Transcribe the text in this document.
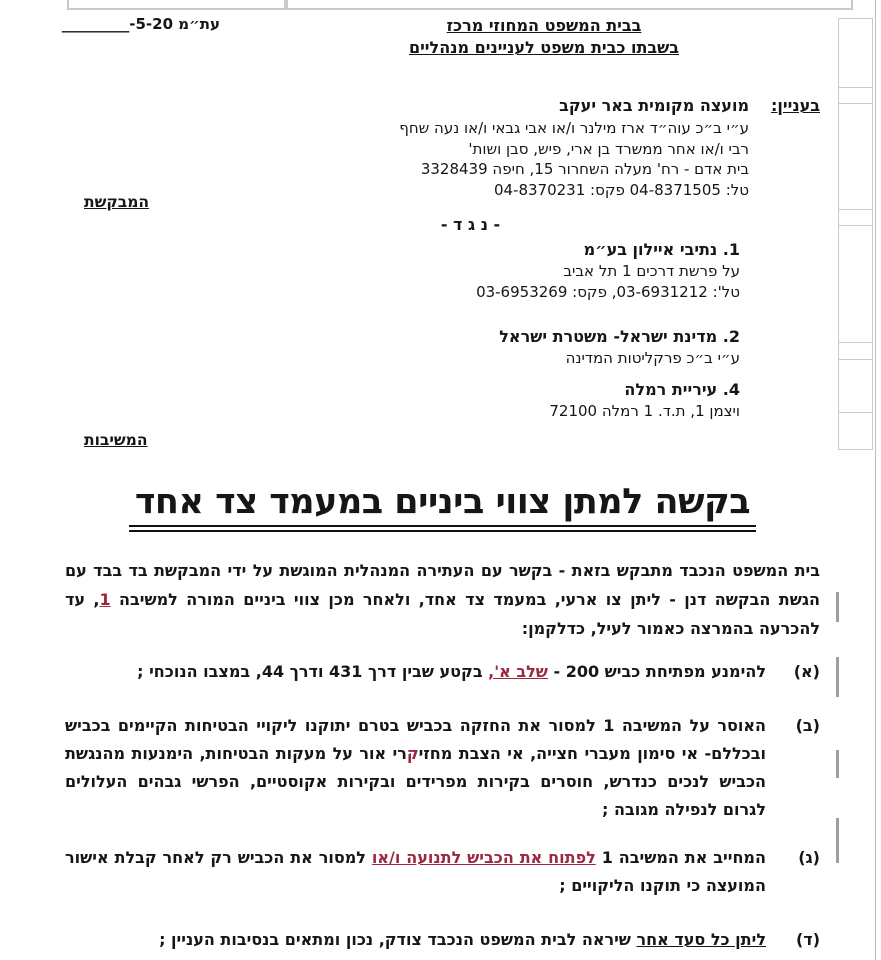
עת״מ -5-20_________	בבית המשפט המחוזי מרכז
בשבתו כבית משפט לעניינים מנהליים
בעניין:
מועצה מקומית באר יעקב
ע״י ב״כ עוה״ד ארז מילנר ו/או אבי גבאי ו/או נעה שחף
רבי ו/או אחר ממשרד בן ארי, פיש, סבן ושות'
בית אדם - רח' מעלה השחרור 15, חיפה 3328439
טל: 04-8371505 פקס: 04-8370231
המבקשת
- נ ג ד -
1. נתיבי איילון בע״מ
על פרשת דרכים 1 תל אביב
טל': 03-6931212, פקס: 03-6953269
2. מדינת ישראל- משטרת ישראל
ע״י ב״כ פרקליטות המדינה
4. עיריית רמלה
ויצמן 1, ת.ד. 1 רמלה 72100
המשיבות
בקשה למתן צווי ביניים במעמד צד אחד
בית המשפט הנכבד מתבקש בזאת - בקשר עם העתירה המנהלית המוגשת על ידי המבקשת בד בבד עם הגשת הבקשה דנן - ליתן צו ארעי, במעמד צד אחד, ולאחר מכן צווי ביניים המורה למשיבה 1, עד להכרעה בהמרצה כאמור לעיל, כדלקמן:
(א)
להימנע מפתיחת כביש 200 - שלב א', בקטע שבין דרך 431 ודרך 44, במצבו הנוכחי ;
(ב)
האוסר על המשיבה 1 למסור את החזקה בכביש בטרם יתוקנו ליקויי הבטיחות הקיימים בכביש ובכללם- אי סימון מעברי חצייה, אי הצבת מחזיקרי אור על מעקות הבטיחות, הימנעות מהנגשת הכביש לנכים כנדרש, חוסרים בקירות מפרידים ובקירות אקוסטיים, הפרשי גבהים העלולים לגרום לנפילה מגובה ;
(ג)
המחייב את המשיבה 1 לפתוח את הכביש לתנועה ו/או למסור את הכביש רק לאחר קבלת אישור המועצה כי תוקנו הליקויים ;
(ד)
ליתן כל סעד אחר שיראה לבית המשפט הנכבד צודק, נכון ומתאים בנסיבות העניין ;
